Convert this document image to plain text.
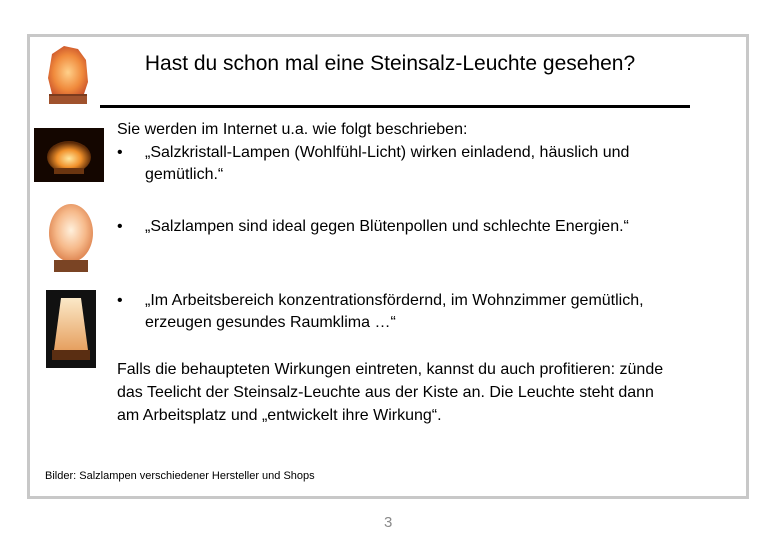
Hast du schon mal eine Steinsalz-Leuchte gesehen?
Sie werden im Internet u.a. wie folgt beschrieben:
• „Salzkristall-Lampen (Wohlfühl-Licht) wirken einladend, häuslich und gemütlich.“
• „Salzlampen sind ideal gegen Blütenpollen und schlechte Energien.“
• „Im Arbeitsbereich konzentrationsfördernd, im Wohnzimmer gemütlich, erzeugen gesundes Raumklima …“
Falls die behaupteten Wirkungen eintreten, kannst du auch profitieren: zünde das Teelicht der Steinsalz-Leuchte aus der Kiste an. Die Leuchte steht dann am Arbeitsplatz und „entwickelt ihre Wirkung“.
Bilder: Salzlampen verschiedener Hersteller und Shops
3
